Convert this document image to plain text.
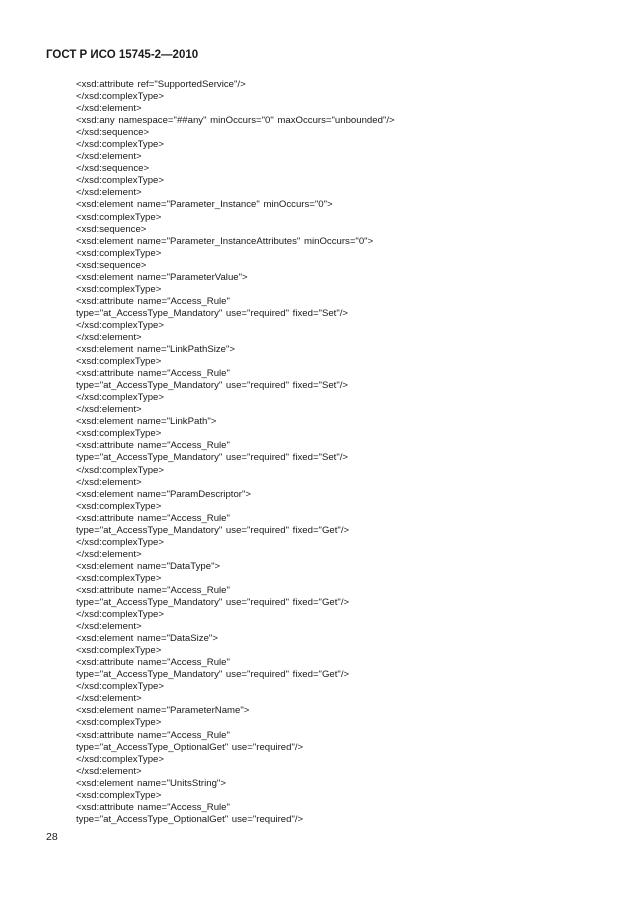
ГОСТ Р ИСО 15745-2—2010
<xsd:attribute ref="SupportedService"/>
</xsd:complexType>
</xsd:element>
<xsd:any namespace="##any" minOccurs="0" maxOccurs="unbounded"/>
</xsd:sequence>
</xsd:complexType>
</xsd:element>
</xsd:sequence>
</xsd:complexType>
</xsd:element>
<xsd:element name="Parameter_Instance" minOccurs="0">
<xsd:complexType>
<xsd:sequence>
<xsd:element name="Parameter_InstanceAttributes" minOccurs="0">
<xsd:complexType>
<xsd:sequence>
<xsd:element name="ParameterValue">
<xsd:complexType>
<xsd:attribute name="Access_Rule"
type="at_AccessType_Mandatory" use="required" fixed="Set"/>
</xsd:complexType>
</xsd:element>
<xsd:element name="LinkPathSize">
<xsd:complexType>
<xsd:attribute name="Access_Rule"
type="at_AccessType_Mandatory" use="required" fixed="Set"/>
</xsd:complexType>
</xsd:element>
<xsd:element name="LinkPath">
<xsd:complexType>
<xsd:attribute name="Access_Rule"
type="at_AccessType_Mandatory" use="required" fixed="Set"/>
</xsd:complexType>
</xsd:element>
<xsd:element name="ParamDescriptor">
<xsd:complexType>
<xsd:attribute name="Access_Rule"
type="at_AccessType_Mandatory" use="required" fixed="Get"/>
</xsd:complexType>
</xsd:element>
<xsd:element name="DataType">
<xsd:complexType>
<xsd:attribute name="Access_Rule"
type="at_AccessType_Mandatory" use="required" fixed="Get"/>
</xsd:complexType>
</xsd:element>
<xsd:element name="DataSize">
<xsd:complexType>
<xsd:attribute name="Access_Rule"
type="at_AccessType_Mandatory" use="required" fixed="Get"/>
</xsd:complexType>
</xsd:element>
<xsd:element name="ParameterName">
<xsd:complexType>
<xsd:attribute name="Access_Rule"
type="at_AccessType_OptionalGet" use="required"/>
</xsd:complexType>
</xsd:element>
<xsd:element name="UnitsString">
<xsd:complexType>
<xsd:attribute name="Access_Rule"
type="at_AccessType_OptionalGet" use="required"/>
28
